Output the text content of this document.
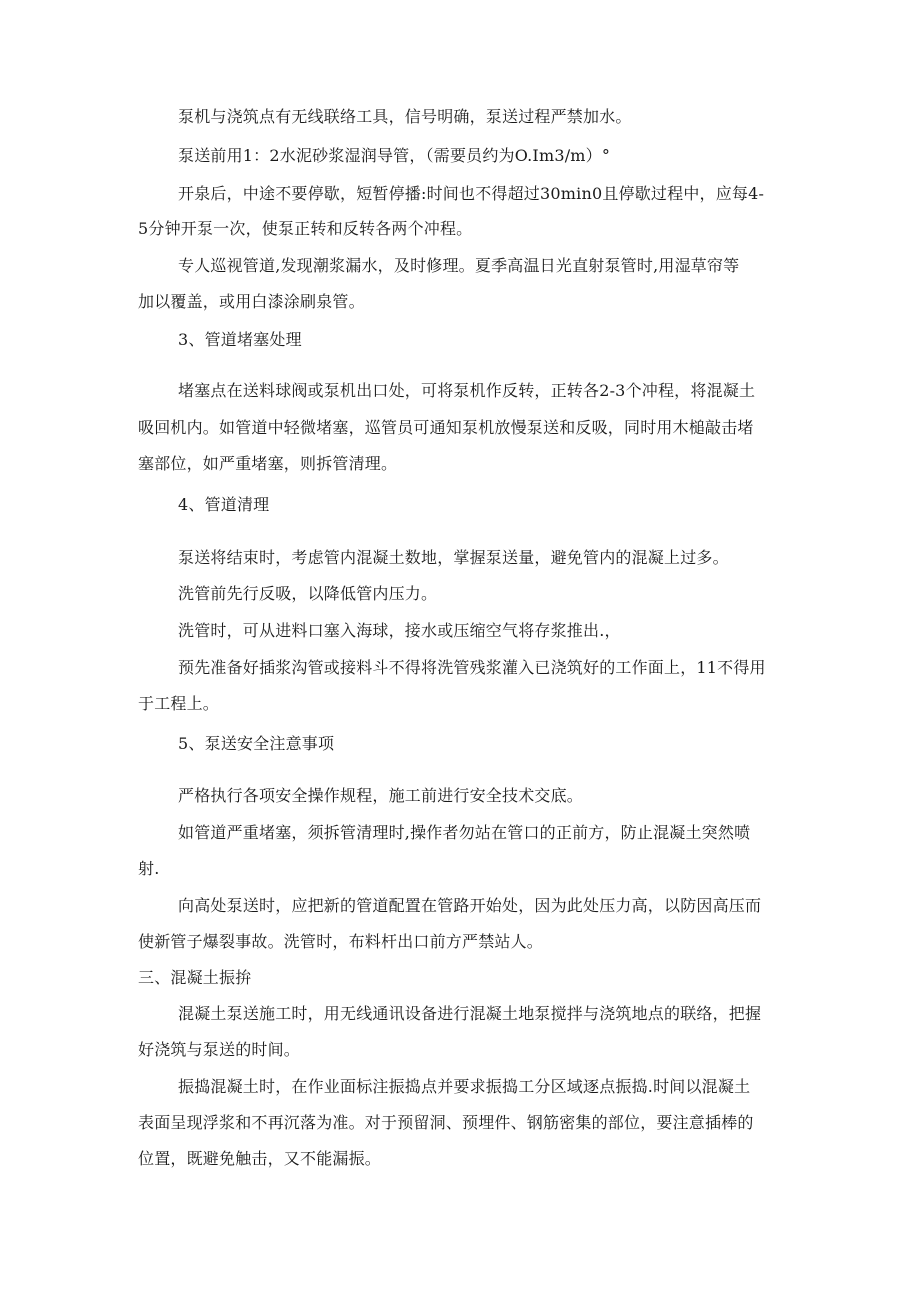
泵机与浇筑点有无线联络工具，信号明确，泵送过程严禁加水。
泵送前用1：2水泥砂浆湿润导管，（需要员约为O.Im3∕m）°
开泉后，中途不要停歇，短暂停播:时间也不得超过30min0且停歇过程中，应每4-
5分钟开泵一次，使泵正转和反转各两个冲程。
专人巡视管道,发现潮浆漏水，及时修理。夏季高温日光直射泵管时,用湿草帘等
加以覆盖，或用白漆涂刷泉管。
3、管道堵塞处理
堵塞点在送料球阀或泵机出口处，可将泵机作反转，正转各2-3个冲程，将混凝土
吸回机内。如管道中轻微堵塞，巡管员可通知泵机放慢泵送和反吸，同时用木槌敲击堵
塞部位，如严重堵塞，则拆管清理。
4、管道清理
泵送将结束时，考虑管内混凝土数地，掌握泵送量，避免管内的混凝上过多。
洗管前先行反吸，以降低管内压力。
洗管时，可从进料口塞入海球，接水或压缩空气将存浆推出.，
预先准备好插浆沟管或接料斗不得将洗管残浆灌入已浇筑好的工作面上，11不得用
于工程上。
5、泵送安全注意事项
严格执行各项安全操作规程，施工前进行安全技术交底。
如管道严重堵塞，须拆管清理时,操作者勿站在管口的正前方，防止混凝土突然喷
射.
向高处泵送时，应把新的管道配置在管路开始处，因为此处压力高，以防因高压而
使新管子爆裂事故。洗管时，布料杆出口前方严禁站人。
三、混凝土振拚
混凝土泵送施工时，用无线通讯设备进行混凝土地泵搅拌与浇筑地点的联络，把握
好浇筑与泵送的时间。
振捣混凝土时，在作业面标注振捣点并要求振捣工分区域逐点振捣.时间以混凝土
表面呈现浮浆和不再沉落为准。对于预留洞、预埋件、钢筋密集的部位，要注意插棒的
位置，既避免触击，又不能漏振。
